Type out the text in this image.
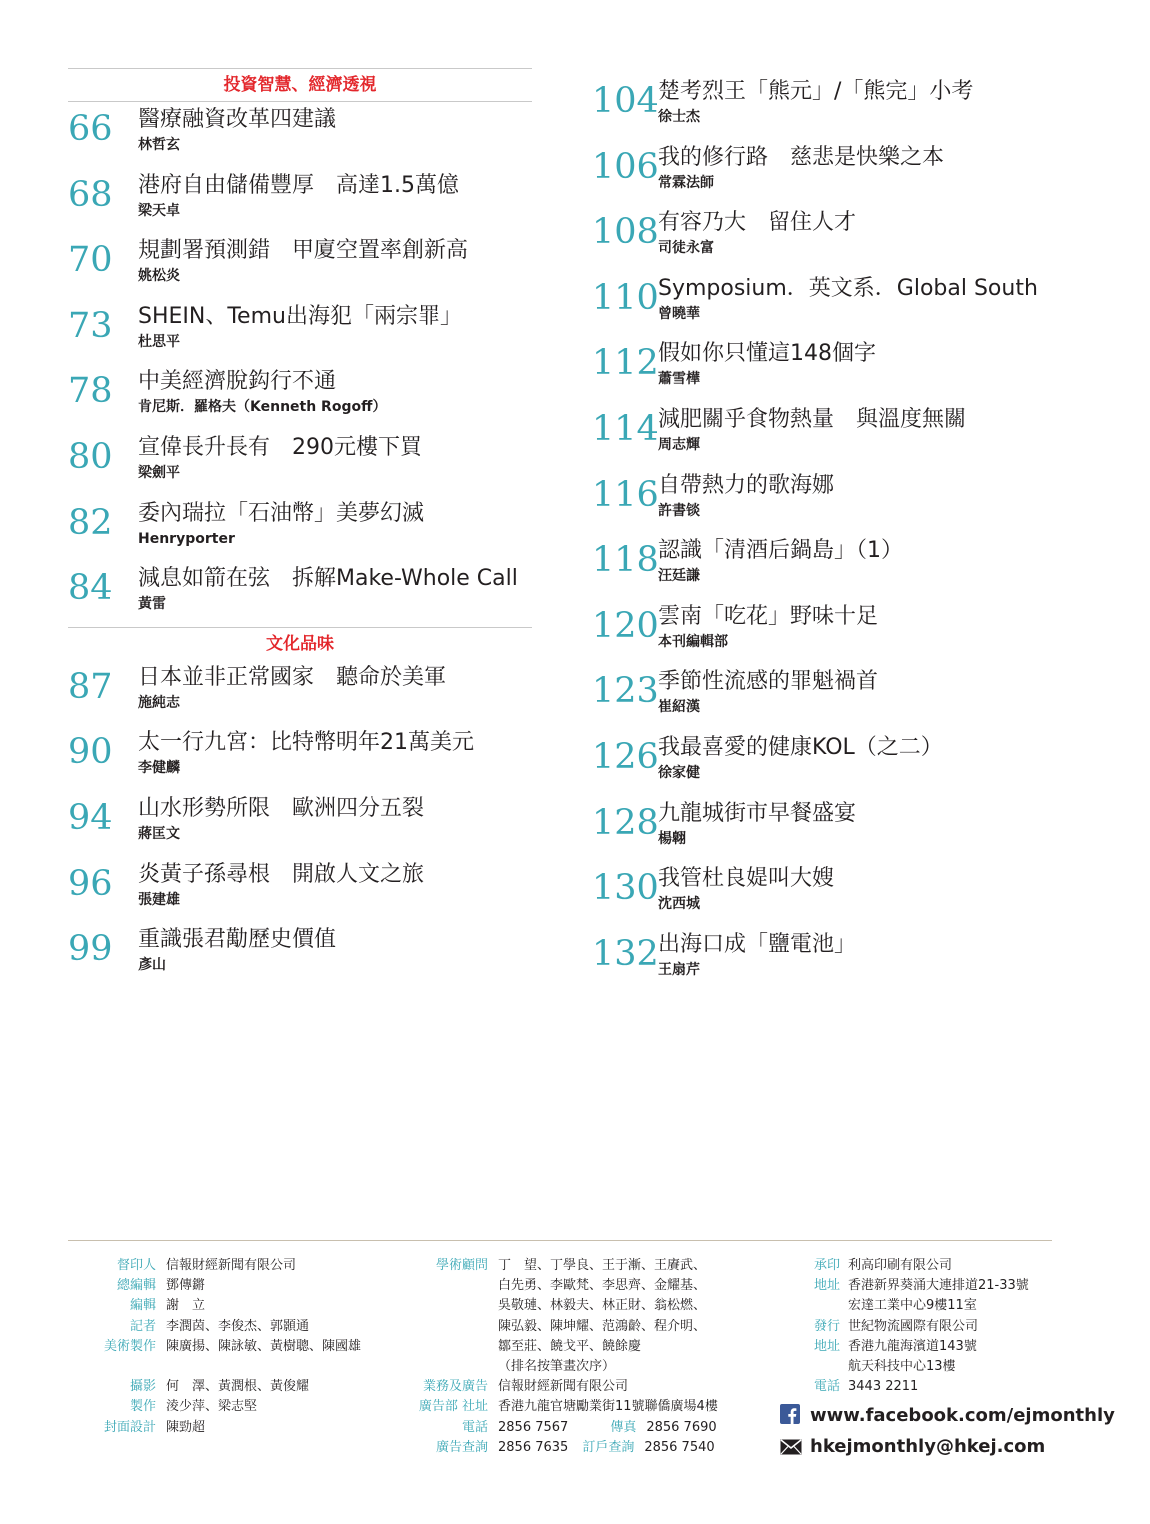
投資智慧、經濟透視
66 醫療融資改革四建議
林哲玄
68 港府自由儲備豐厚　高達1.5萬億
梁天卓
70 規劃署預測錯　甲廈空置率創新高
姚松炎
73 SHEIN、Temu出海犯「兩宗罪」
杜思平
78 中美經濟脫鈎行不通
肯尼斯．羅格夫（Kenneth Rogoff）
80 宣偉長升長有　290元樓下買
梁劍平
82 委內瑞拉「石油幣」美夢幻滅
Henryporter
84 減息如箭在弦　拆解Make-Whole Call
黃雷
文化品味
87 日本並非正常國家　聽命於美軍
施純志
90 太一行九宮：比特幣明年21萬美元
李健麟
94 山水形勢所限　歐洲四分五裂
蔣匡文
96 炎黃子孫尋根　開啟人文之旅
張建雄
99 重識張君勱歷史價值
彥山
104 楚考烈王「熊元」/「熊完」小考
徐士杰
106 我的修行路　慈悲是快樂之本
常霖法師
108 有容乃大　留住人才
司徒永富
110 Symposium．英文系．Global South
曾曉華
112 假如你只懂這148個字
蕭雪樺
114 減肥關乎食物熱量　與溫度無關
周志輝
116 自帶熱力的歌海娜
許書锬
118 認識「清酒后鍋島」（1）
汪廷謙
120 雲南「吃花」野味十足
本刊編輯部
123 季節性流感的罪魁禍首
崔紹漢
126 我最喜愛的健康KOL（之二）
徐家健
128 九龍城街市早餐盛宴
楊翺
130 我管杜良媞叫大嫂
沈西城
132 出海口成「鹽電池」
王扇芹
督印人 信報財經新聞有限公司
總編輯 鄧傳鏘
編輯 謝　立
記者 李潤茵、李俊杰、郭顥通
美術製作 陳廣揚、陳詠敏、黃樹聰、陳國雄
攝影 何　澤、黃潤根、黃俊耀
製作 淩少萍、梁志堅
封面設計 陳勁超
學術顧問 丁　望、丁學良、王于漸、王賡武、
白先勇、李歐梵、李思齊、金耀基、
吳敬璉、林毅夫、林正財、翁松燃、
陳弘毅、陳坤耀、范鴻齡、程介明、
鄒至莊、饒戈平、饒餘慶
（排名按筆畫次序）
業務及廣告 信報財經新聞有限公司
廣告部 社址 香港九龍官塘勵業街11號聯僑廣場4樓
電話 2856 7567	傳真 2856 7690
廣告查詢 2856 7635 訂戶查詢 2856 7540
承印 利高印刷有限公司
地址 香港新界葵涌大連排道21-33號
宏達工業中心9樓11室
發行 世紀物流國際有限公司
地址 香港九龍海濱道143號
航天科技中心13樓
電話 3443 2211
www.facebook.com/ejmonthly
hkejmonthly@hkej.com
